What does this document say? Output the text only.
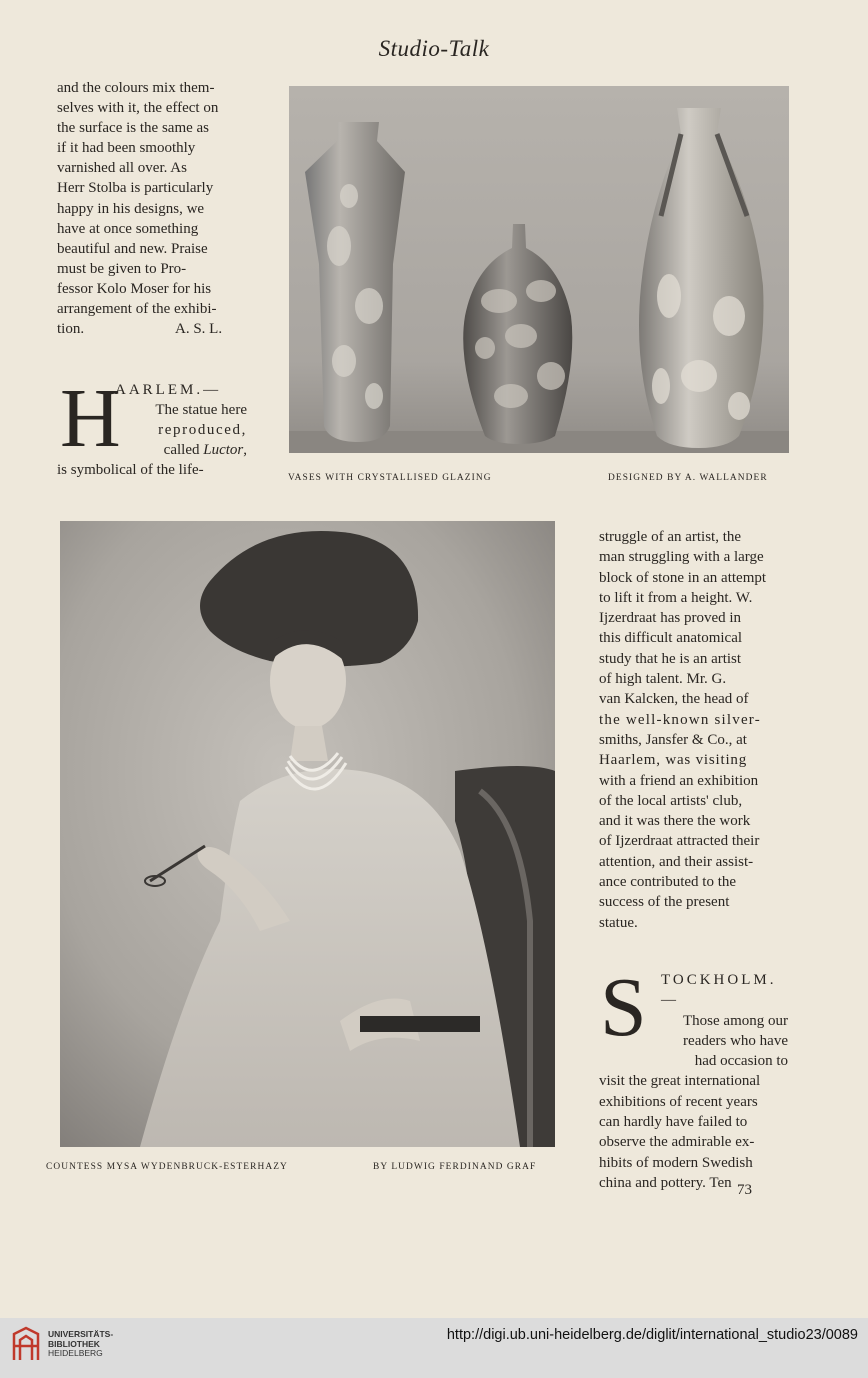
Studio-Talk

and the colours mix them-

selves with it, the effect on

the surface is the same as

if it had been smoothly

varnished all over. As

Herr Stolba is particularly

happy in his designs, we

have at once something

beautiful and new. Praise

must be given to Pro-

fessor Kolo Moser for his

arrangement of the exhibi-

tion.	A. S. L.

H

AARLEM.—

The statue here

reproduced,

called Luctor,

is symbolical of the life-	VASES WITH CRYSTALLISED GLAZING	DESIGNED BY A. WALLANDER
COUNTESS MYSA WYDENBRUCK-ESTERHAZY	BY LUDWIG FERDINAND GRAF

struggle of an artist, the

man struggling with a large

block of stone in an attempt

to lift it from a height. W.

Ijzerdraat has proved in

this difficult anatomical

study that he is an artist

of high talent. Mr. G.

van Kalcken, the head of

the well-known silver-

smiths, Jansfer & Co., at

Haarlem, was visiting

with a friend an exhibition

of the local artists' club,

and it was there the work

of Ijzerdraat attracted their

attention, and their assist-

ance contributed to the

success of the present

statue.

S TOCKHOLM.—

Those among our

readers who have

had occasion to

visit the great international

exhibitions of recent years

can hardly have failed to

observe the admirable ex-

hibits of modern Swedish

china and pottery. Ten 73
UNIVERSITÄTS-
BIBLIOTHEK
HEIDELBERG
http://digi.ub.uni-heidelberg.de/diglit/international_studio23/0089
